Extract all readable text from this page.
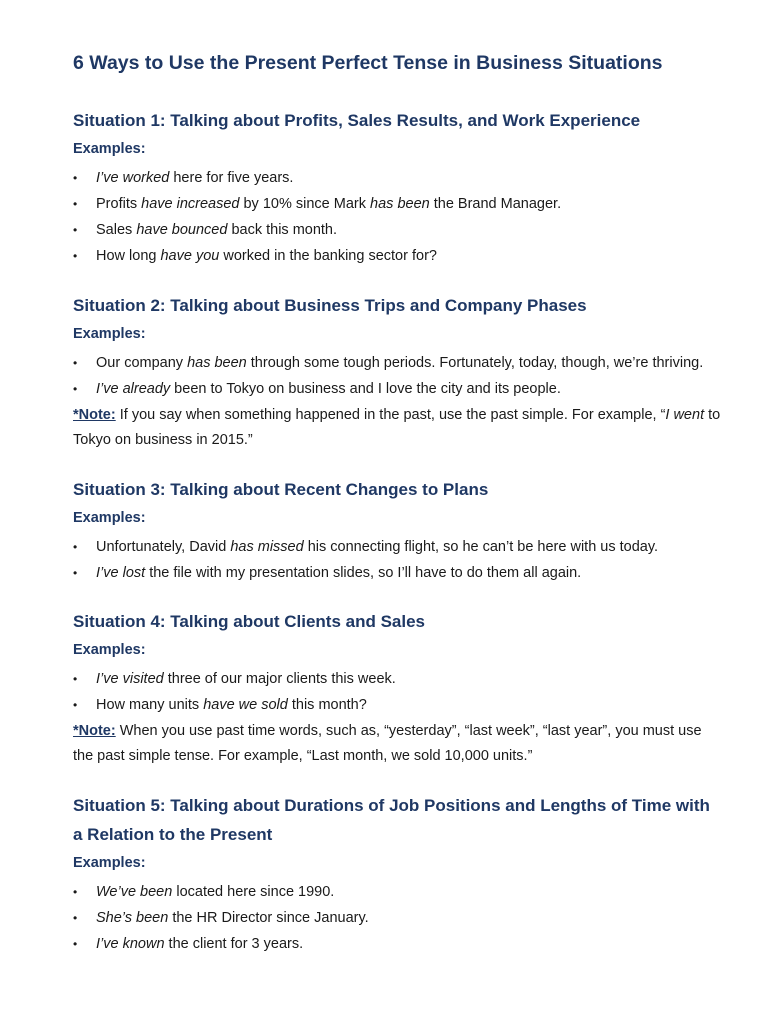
6 Ways to Use the Present Perfect Tense in Business Situations
Situation 1: Talking about Profits, Sales Results, and Work Experience
Examples:
• I’ve worked here for five years.
• Profits have increased by 10% since Mark has been the Brand Manager.
• Sales have bounced back this month.
• How long have you worked in the banking sector for?
Situation 2: Talking about Business Trips and Company Phases
Examples:
• Our company has been through some tough periods. Fortunately, today, though, we’re thriving.
• I’ve already been to Tokyo on business and I love the city and its people.

*Note: If you say when something happened in the past, use the past simple. For example, “I went to Tokyo on business in 2015.”

Situation 3: Talking about Recent Changes to Plans
Examples:
• Unfortunately, David has missed his connecting flight, so he can’t be here with us today.
• I’ve lost the file with my presentation slides, so I’ll have to do them all again.
Situation 4: Talking about Clients and Sales
Examples:
• I’ve visited three of our major clients this week.
• How many units have we sold this month?

*Note: When you use past time words, such as, “yesterday”, “last week”, “last year”, you must use the past simple tense. For example, “Last month, we sold 10,000 units.”

Situation 5: Talking about Durations of Job Positions and Lengths of Time with a Relation to the Present
Examples:
• We’ve been located here since 1990.
• She’s been the HR Director since January.
• I’ve known the client for 3 years.
